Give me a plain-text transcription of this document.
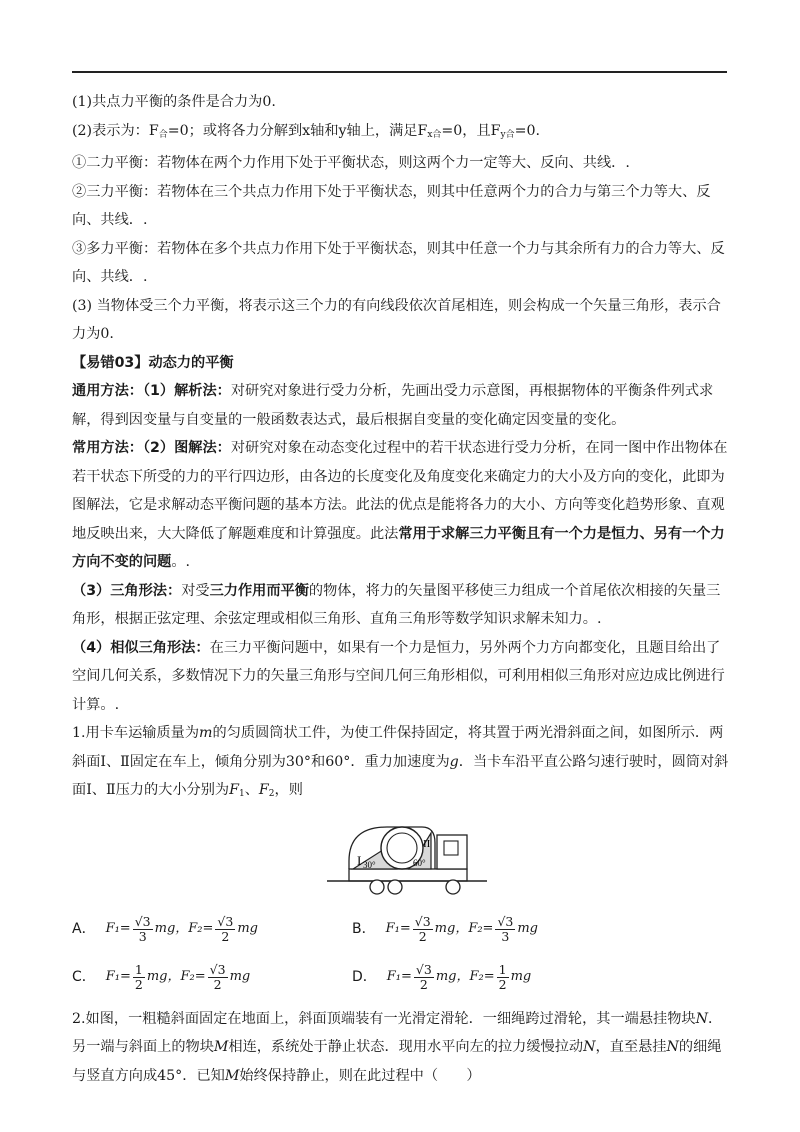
(1)共点力平衡的条件是合力为0.

(2)表示为：$F_合=0$；或将各力分解到x轴和y轴上，满足$F_{x合}=0$，且$F_{y合}=0$.

①二力平衡：若物体在两个力作用下处于平衡状态，则这两个力一定等大、反向、共线．.

②三力平衡：若物体在三个共点力作用下处于平衡状态，则其中任意两个力的合力与第三个力等大、反向、共线．.

③多力平衡：若物体在多个共点力作用下处于平衡状态，则其中任意一个力与其余所有力的合力等大、反向、共线．.

(3) 当物体受三个力平衡，将表示这三个力的有向线段依次首尾相连，则会构成一个矢量三角形，表示合力为0.

【易错03】动态力的平衡

通用方法：（1）解析法：对研究对象进行受力分析，先画出受力示意图，再根据物体的平衡条件列式求解，得到因变量与自变量的一般函数表达式，最后根据自变量的变化确定因变量的变化。

常用方法：（2）图解法：对研究对象在动态变化过程中的若干状态进行受力分析，在同一图中作出物体在若干状态下所受的力的平行四边形，由各边的长度变化及角度变化来确定力的大小及方向的变化，此即为图解法，它是求解动态平衡问题的基本方法。此法的优点是能将各力的大小、方向等变化趋势形象、直观地反映出来，大大降低了解题难度和计算强度。此法常用于求解三力平衡且有一个力是恒力、另有一个力方向不变的问题。.

（3）三角形法：对受三力作用而平衡的物体，将力的矢量图平移使三力组成一个首尾依次相接的矢量三角形，根据正弦定理、余弦定理或相似三角形、直角三角形等数学知识求解未知力。.

（4）相似三角形法：在三力平衡问题中，如果有一个力是恒力，另外两个力方向都变化，且题目给出了空间几何关系，多数情况下力的矢量三角形与空间几何三角形相似，可利用相似三角形对应边成比例进行计算。.

1.用卡车运输质量为m的匀质圆筒状工件，为使工件保持固定，将其置于两光滑斜面之间，如图所示．两斜面Ⅰ、Ⅱ固定在车上，倾角分别为30°和60°．重力加速度为g．当卡车沿平直公路匀速行驶时，圆筒对斜面Ⅰ、Ⅱ压力的大小分别为$F_1$、$F_2$，则

I
II
30°	60°
A． $F_1= \frac{√3}{3}$ mg ，$F_2= \frac{√3}{2}$ mg	B． $F_1= \frac{√3}{2}$ mg ，$F_2= \frac{√3}{3}$ mg
C． $F_1= \frac{1}{2}$ mg ，$F_2= \frac{√3}{2}$ mg	D． $F_1= \frac{√3}{2}$ mg ，$F_2= \frac{1}{2}$ mg

2.如图，一粗糙斜面固定在地面上，斜面顶端装有一光滑定滑轮．一细绳跨过滑轮，其一端悬挂物块N．另一端与斜面上的物块M相连，系统处于静止状态．现用水平向左的拉力缓慢拉动N，直至悬挂N的细绳与竖直方向成45°．已知M始终保持静止，则在此过程中（　　）
